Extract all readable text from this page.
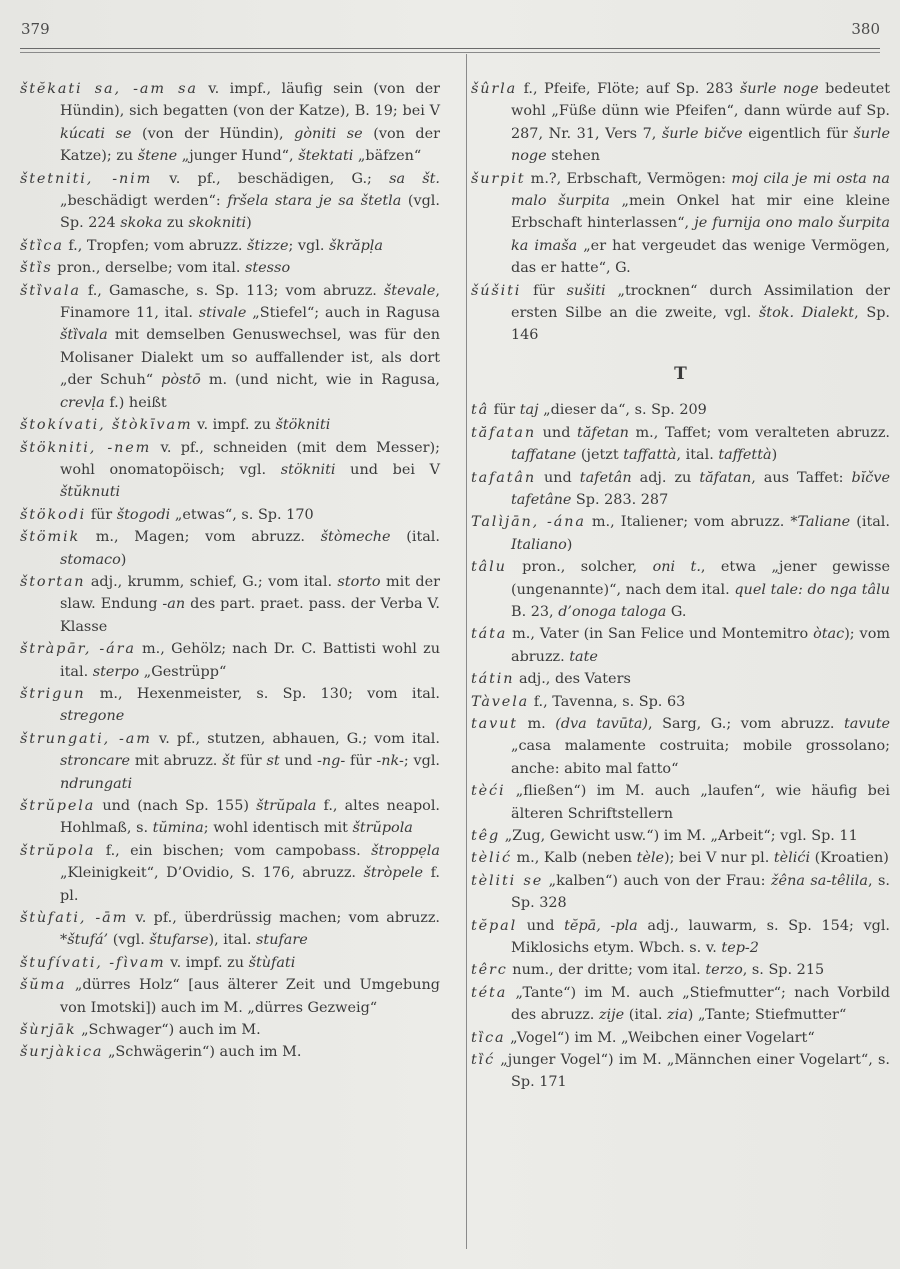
379	380

štĕkati sa, -am sa v. impf., läufig sein (von der Hündin), sich begatten (von der Katze), B. 19; bei V kúcati se (von der Hündin), gòniti se (von der Katze); zu štene „junger Hund“, štektati „bäfzen“

štetniti, -nim v. pf., beschädigen, G.; sa št. „beschädigt werden“: fršela stara je sa štetla (vgl. Sp. 224 skoka zu skokniti)

štȉca f., Tropfen; vom abruzz. štizze; vgl. škrăpḷa

štȉs pron., derselbe; vom ital. stesso

štȉvala f., Gamasche, s. Sp. 113; vom abruzz. števale, Finamore 11, ital. stivale „Stiefel“; auch in Ragusa štȉvala mit demselben Genuswechsel, was für den Molisaner Dialekt um so auffallender ist, als dort „der Schuh“ pòstō m. (und nicht, wie in Ragusa, crevḷa f.) heißt

štokívati, štòkīvam v. impf. zu štökniti

štökniti, -nem v. pf., schneiden (mit dem Messer); wohl onomatopöisch; vgl. stökniti und bei V štŭknuti

štökodi für štogodi „etwas“, s. Sp. 170

štömik m., Magen; vom abruzz. štòmeche (ital. stomaco)

štortan adj., krumm, schief, G.; vom ital. storto mit der slaw. Endung -an des part. praet. pass. der Verba V. Klasse

štràpār, -ára m., Gehölz; nach Dr. C. Battisti wohl zu ital. sterpo „Gestrüpp“

štrigun m., Hexenmeister, s. Sp. 130; vom ital. stregone

štrungati, -am v. pf., stutzen, abhauen, G.; vom ital. stroncare mit abruzz. št für st und -ng- für -nk-; vgl. ndrungati

štrŭpela und (nach Sp. 155) štrŭpala f., altes neapol. Hohlmaß, s. tŭmina; wohl identisch mit štrŭpola

štrŭpola f., ein bischen; vom campobass. štroppẹla „Kleinigkeit“, D’Ovidio, S. 176, abruzz. štròpele f. pl.

štùfati, -ām v. pf., überdrüssig machen; vom abruzz. *štufá’ (vgl. štufarse), ital. stufare

štufívati, -fìvam v. impf. zu štùfati

šŭma „dürres Holz“ [aus älterer Zeit und Umgebung von Imotski]) auch im M. „dürres Gezweig“

šùrjāk „Schwager“) auch im M.

šurjàkica „Schwägerin“) auch im M.

šûrla f., Pfeife, Flöte; auf Sp. 283 šurle noge bedeutet wohl „Füße dünn wie Pfeifen“, dann würde auf Sp. 287, Nr. 31, Vers 7, šurle bičve eigentlich für šurle noge stehen

šurpit m.?, Erbschaft, Vermögen: moj cila je mi osta na malo šurpita „mein Onkel hat mir eine kleine Erbschaft hinterlassen“, je furnija ono malo šurpita ka imaša „er hat vergeudet das wenige Vermögen, das er hatte“, G.

šúšiti für sušiti „trocknen“ durch Assimilation der ersten Silbe an die zweite, vgl. štok. Dialekt, Sp. 146

T

tâ für taj „dieser da“, s. Sp. 209

tăfatan und tăfetan m., Taffet; vom veralteten abruzz. taffatane (jetzt taffattà, ital. taffettà)

tafatân und tafetân adj. zu tăfatan, aus Taffet: bĭčve tafetâne Sp. 283. 287

Talìjān, -ána m., Italiener; vom abruzz. *Taliane (ital. Italiano)

tâlu pron., solcher, oni t., etwa „jener gewisse (ungenannte)“, nach dem ital. quel tale: do nga tâlu B. 23, d’onoga taloga G.

táta m., Vater (in San Felice und Montemitro òtac); vom abruzz. tate

tátin adj., des Vaters

Tàvela f., Tavenna, s. Sp. 63

tavut m. (dva tavūta), Sarg, G.; vom abruzz. tavute „casa malamente costruita; mobile grossolano; anche: abito mal fatto“

tèći „fließen“) im M. auch „laufen“, wie häufig bei älteren Schriftstellern

têg „Zug, Gewicht usw.“) im M. „Arbeit“; vgl. Sp. 11

tèlić m., Kalb (neben tèle); bei V nur pl. tèlići (Kroatien)

tèliti se „kalben“) auch von der Frau: žêna sa-têlila, s. Sp. 328

tĕpal und tĕpā, -pla adj., lauwarm, s. Sp. 154; vgl. Miklosichs etym. Wbch. s. v. tep-2

têrc num., der dritte; vom ital. terzo, s. Sp. 215

téta „Tante“) im M. auch „Stiefmutter“; nach Vorbild des abruzz. zije (ital. zia) „Tante; Stiefmutter“

tȉca „Vogel“) im M. „Weibchen einer Vogelart“

tȉć „junger Vogel“) im M. „Männchen einer Vogelart“, s. Sp. 171
